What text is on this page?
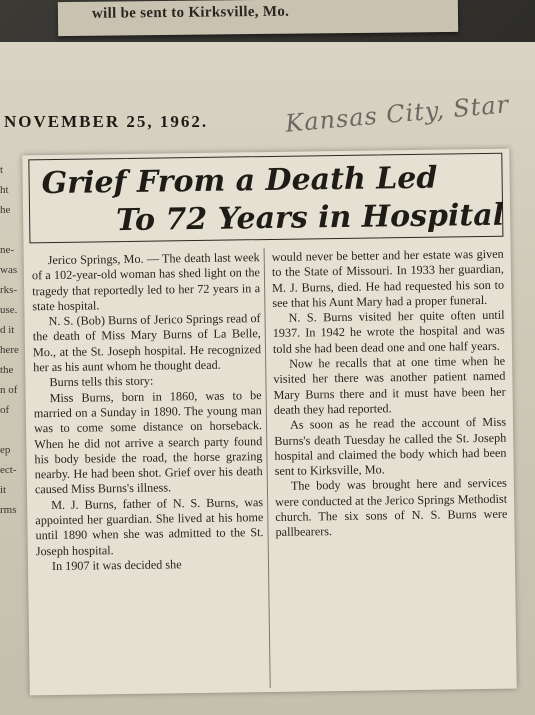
will be sent to Kirksville, Mo.
NOVEMBER 25, 1962.	Kansas City, Star
t
ht
he
ne-
was
rks-
use.
d it
here
the
n of
of
ep
ect-
it
rms
Grief From a Death Led
To 72 Years in Hospital

Jerico Springs, Mo. — The death last week of a 102-year-old woman has shed light on the tragedy that reportedly led to her 72 years in a state hospital.

N. S. (Bob) Burns of Jerico Springs read of the death of Miss Mary Burns of La Belle, Mo., at the St. Joseph hospital. He recognized her as his aunt whom he thought dead.

Burns tells this story:

Miss Burns, born in 1860, was to be married on a Sunday in 1890. The young man was to come some distance on horseback. When he did not arrive a search party found his body beside the road, the horse grazing nearby. He had been shot. Grief over his death caused Miss Burns's illness.

M. J. Burns, father of N. S. Burns, was appointed her guardian. She lived at his home until 1890 when she was admitted to the St. Joseph hospital.

In 1907 it was decided she

would never be better and her estate was given to the State of Missouri. In 1933 her guardian, M. J. Burns, died. He had requested his son to see that his Aunt Mary had a proper funeral.

N. S. Burns visited her quite often until 1937. In 1942 he wrote the hospital and was told she had been dead one and one half years.

Now he recalls that at one time when he visited her there was another patient named Mary Burns there and it must have been her death they had reported.

As soon as he read the account of Miss Burns's death Tuesday he called the St. Joseph hospital and claimed the body which had been sent to Kirksville, Mo.

The body was brought here and services were conducted at the Jerico Springs Methodist church. The six sons of N. S. Burns were pallbearers.
